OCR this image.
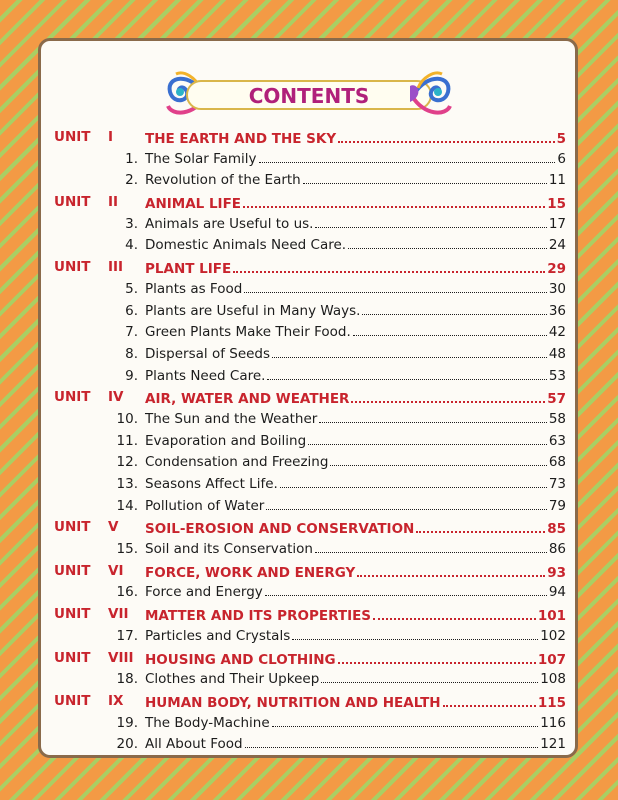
CONTENTS
UNIT	I	THE EARTH AND THE SKY	5
1. The Solar Family	6
2. Revolution of the Earth	11
UNIT	II	ANIMAL LIFE	15
3. Animals are Useful to us.	17
4. Domestic Animals Need Care.	24
UNIT	III	PLANT LIFE	29
5. Plants as Food	30
6. Plants are Useful in Many Ways.	36
7. Green Plants Make Their Food.	42
8. Dispersal of Seeds	48
9. Plants Need Care.	53
UNIT	IV	AIR, WATER AND WEATHER	57
10. The Sun and the Weather	58
11. Evaporation and Boiling	63
12. Condensation and Freezing	68
13. Seasons Affect Life.	73
14. Pollution of Water	79
UNIT	V	SOIL-EROSION AND CONSERVATION	85
15. Soil and its Conservation	86
UNIT	VI	FORCE, WORK AND ENERGY	93
16. Force and Energy	94
UNIT	VII	MATTER AND ITS PROPERTIES	101
17. Particles and Crystals	102
UNIT	VIII HOUSING AND CLOTHING	107
18. Clothes and Their Upkeep	108
UNIT	IX	HUMAN BODY, NUTRITION AND HEALTH	115
19. The Body-Machine	116
20. All About Food	121
